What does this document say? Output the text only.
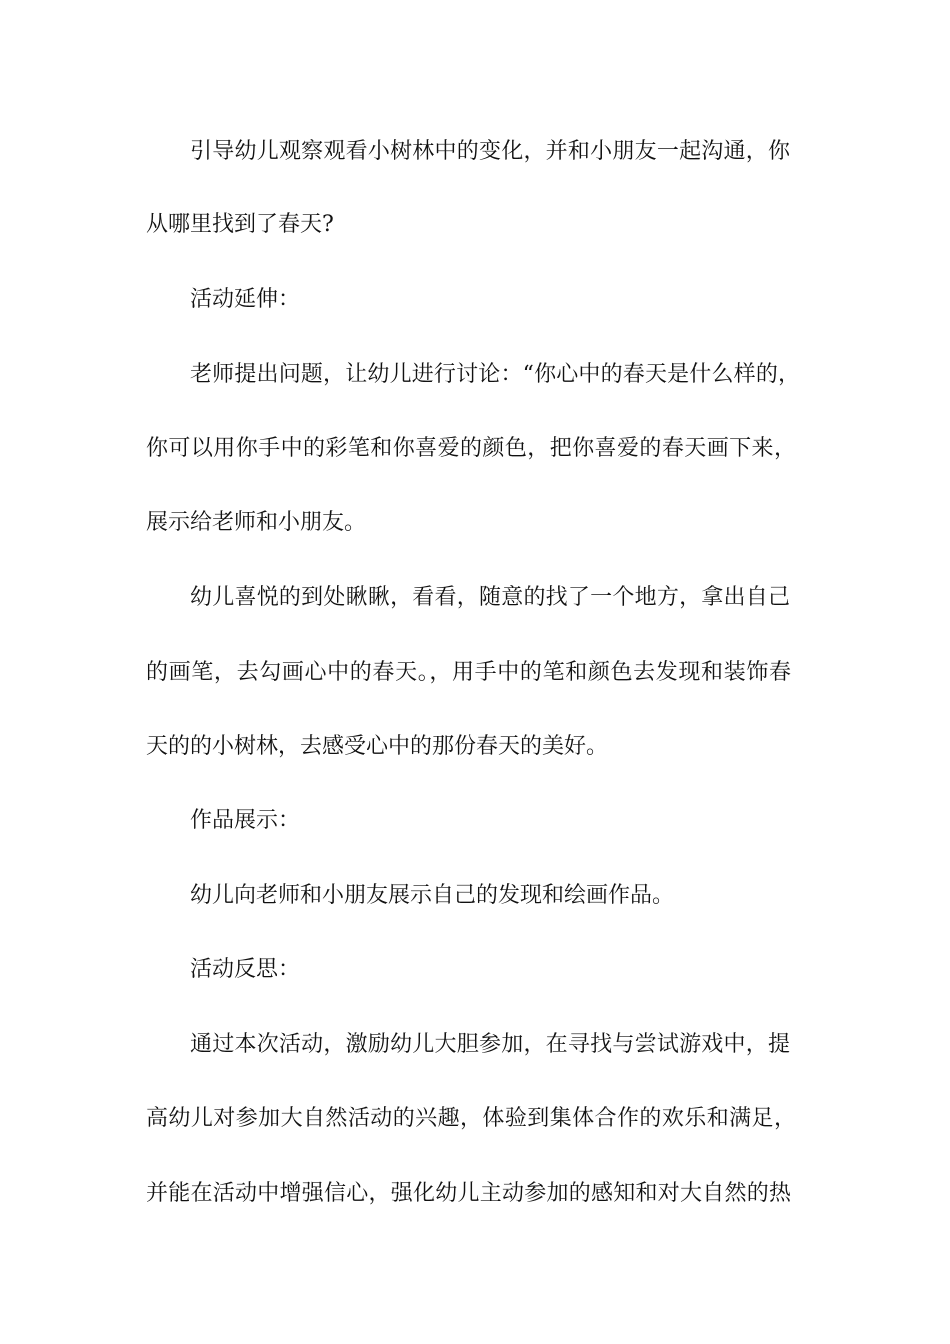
引导幼儿观察观看小树林中的变化，并和小朋友一起沟通，你
从哪里找到了春天?
活动延伸：
老师提出问题，让幼儿进行讨论：“你心中的春天是什么样的，
你可以用你手中的彩笔和你喜爱的颜色，把你喜爱的春天画下来，
展示给老师和小朋友。
幼儿喜悦的到处瞅瞅，看看，随意的找了一个地方，拿出自己
的画笔，去勾画心中的春天。，用手中的笔和颜色去发现和装饰春
天的的小树林，去感受心中的那份春天的美好。
作品展示：
幼儿向老师和小朋友展示自己的发现和绘画作品。
活动反思：
通过本次活动，激励幼儿大胆参加，在寻找与尝试游戏中，提
高幼儿对参加大自然活动的兴趣，体验到集体合作的欢乐和满足，
并能在活动中增强信心，强化幼儿主动参加的感知和对大自然的热
